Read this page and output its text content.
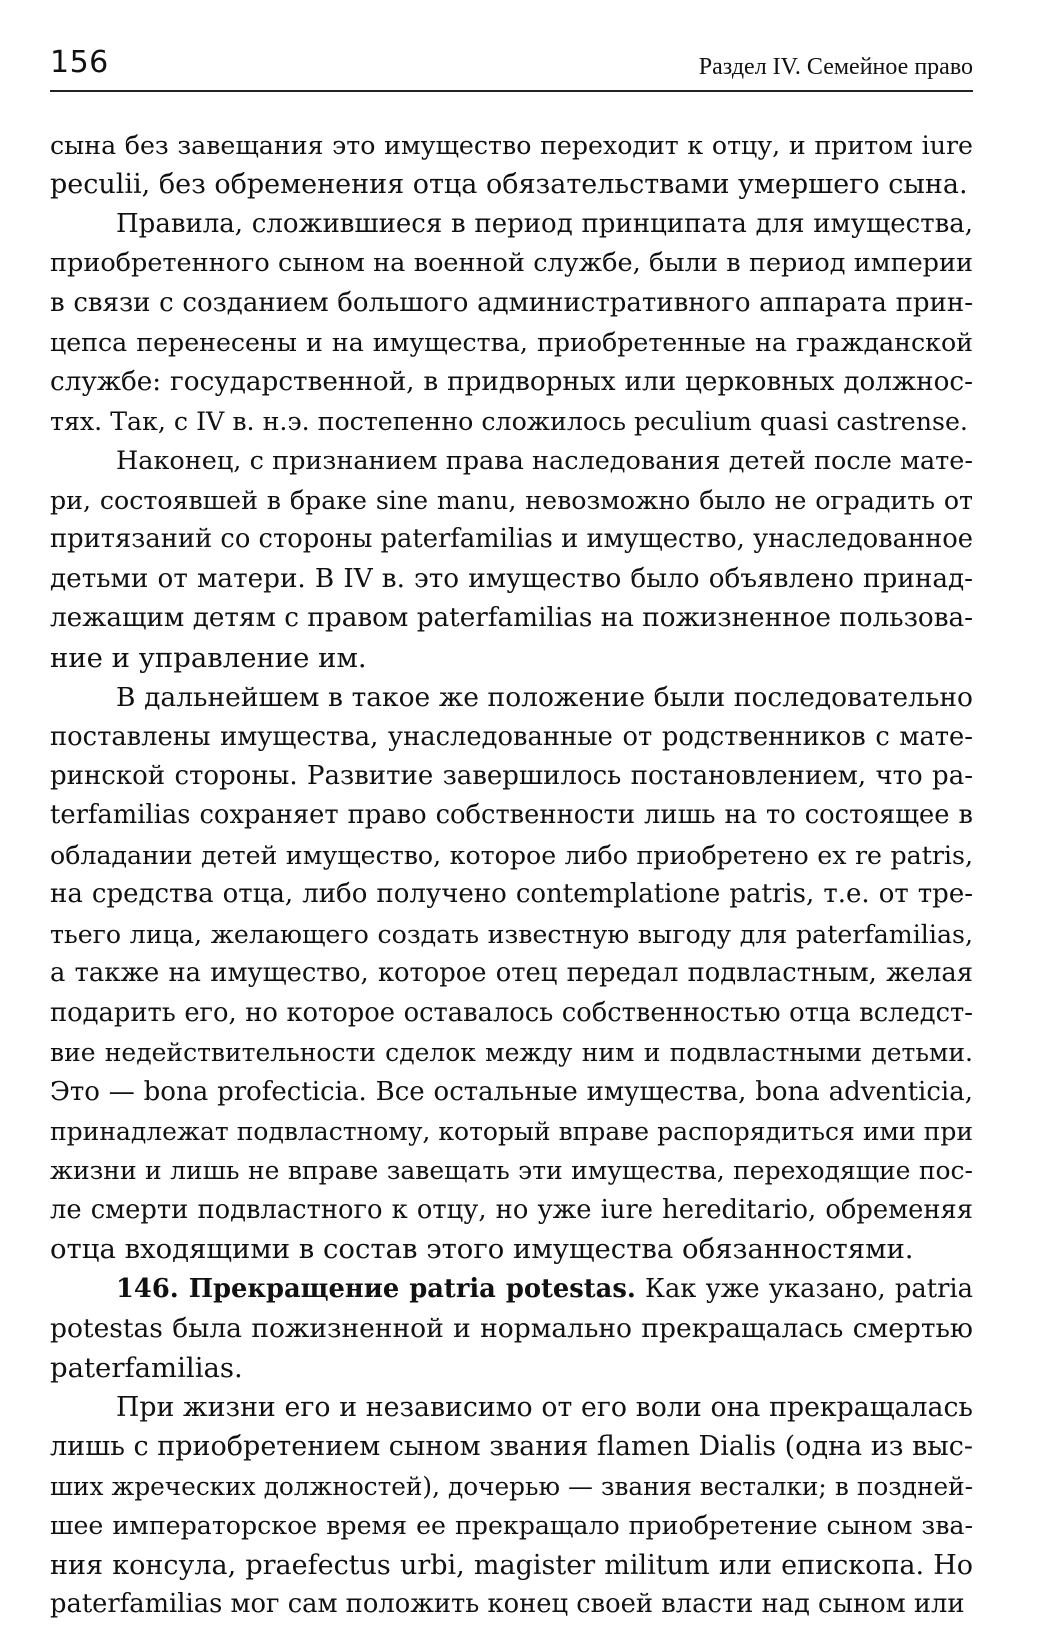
156	Раздел IV. Семейное право
сына без завещания это имущество переходит к отцу, и притом iure
peculii, без обременения отца обязательствами умершего сына.
Правила, сложившиеся в период принципата для имущества,
приобретенного сыном на военной службе, были в период империи
в связи с созданием большого административного аппарата прин-
цепса перенесены и на имущества, приобретенные на гражданской
службе: государственной, в придворных или церковных должнос-
тях. Так, с IV в. н.э. постепенно сложилось peculium quasi castrense.
Наконец, с признанием права наследования детей после мате-
ри, состоявшей в браке sine manu, невозможно было не оградить от
притязаний со стороны paterfamilias и имущество, унаследованное
детьми от матери. В IV в. это имущество было объявлено принад-
лежащим детям с правом paterfamilias на пожизненное пользова-
ние и управление им.
В дальнейшем в такое же положение были последовательно
поставлены имущества, унаследованные от родственников с мате-
ринской стороны. Развитие завершилось постановлением, что pa-
terfamilias сохраняет право собственности лишь на то состоящее в
обладании детей имущество, которое либо приобретено ex re patris,
на средства отца, либо получено contemplatione patris, т.е. от тре-
тьего лица, желающего создать известную выгоду для paterfamilias,
а также на имущество, которое отец передал подвластным, желая
подарить его, но которое оставалось собственностью отца вследст-
вие недействительности сделок между ним и подвластными детьми.
Это — bona profecticia. Все остальные имущества, bona adventicia,
принадлежат подвластному, который вправе распорядиться ими при
жизни и лишь не вправе завещать эти имущества, переходящие пос-
ле смерти подвластного к отцу, но уже iure hereditario, обременяя
отца входящими в состав этого имущества обязанностями.
146. Прекращение patria potestas. Как уже указано, patria
potestas была пожизненной и нормально прекращалась смертью
paterfamilias.
При жизни его и независимо от его воли она прекращалась
лишь с приобретением сыном звания flamen Dialis (одна из выс-
ших жреческих должностей), дочерью — звания весталки; в поздней-
шее императорское время ее прекращало приобретение сыном зва-
ния консула, praefectus urbi, magister militum или епископа. Но
paterfamilias мог сам положить конец своей власти над сыном или
